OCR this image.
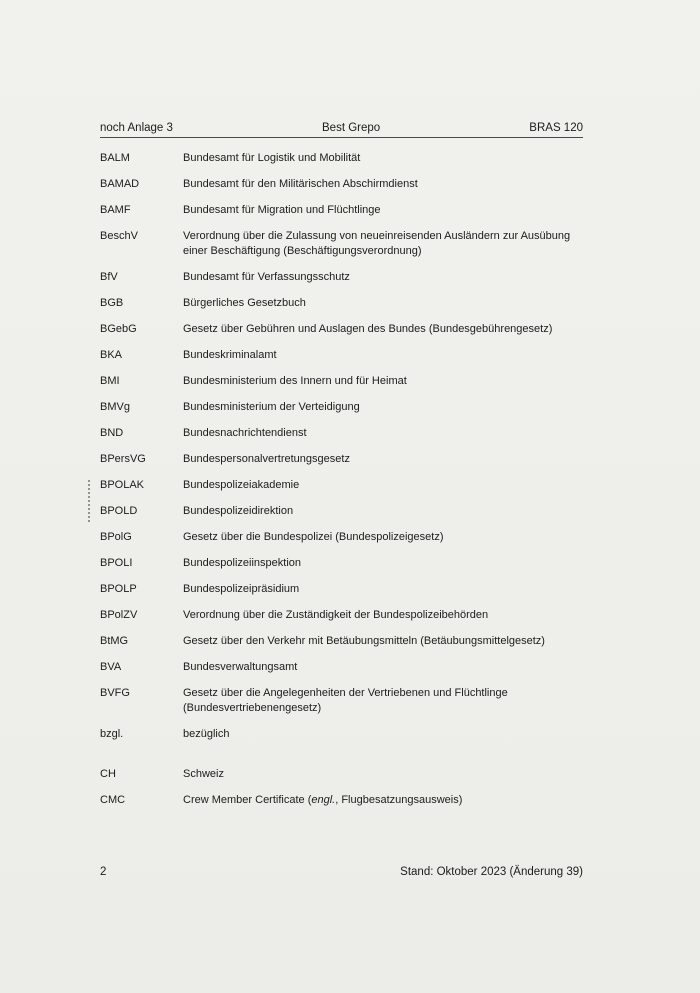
noch Anlage 3	Best Grepo	BRAS 120
BALM	Bundesamt für Logistik und Mobilität
BAMAD	Bundesamt für den Militärischen Abschirmdienst
BAMF	Bundesamt für Migration und Flüchtlinge
BeschV	Verordnung über die Zulassung von neueinreisenden Ausländern zur Ausübung einer Beschäftigung (Beschäftigungsverordnung)
BfV	Bundesamt für Verfassungsschutz
BGB	Bürgerliches Gesetzbuch
BGebG	Gesetz über Gebühren und Auslagen des Bundes (Bundesgebührengesetz)
BKA	Bundeskriminalamt
BMI	Bundesministerium des Innern und für Heimat
BMVg	Bundesministerium der Verteidigung
BND	Bundesnachrichtendienst
BPersVG	Bundespersonalvertretungsgesetz
BPOLAK	Bundespolizeiakademie
BPOLD	Bundespolizeidirektion
BPolG	Gesetz über die Bundespolizei (Bundespolizeigesetz)
BPOLI	Bundespolizeiinspektion
BPOLP	Bundespolizeipräsidium
BPolZV	Verordnung über die Zuständigkeit der Bundespolizeibehörden
BtMG	Gesetz über den Verkehr mit Betäubungsmitteln (Betäubungsmittelgesetz)
BVA	Bundesverwaltungsamt
BVFG	Gesetz über die Angelegenheiten der Vertriebenen und Flüchtlinge (Bundesvertriebenengesetz)
bzgl.	bezüglich
CH	Schweiz
CMC	Crew Member Certificate (engl., Flugbesatzungsausweis)
2	Stand: Oktober 2023 (Änderung 39)
